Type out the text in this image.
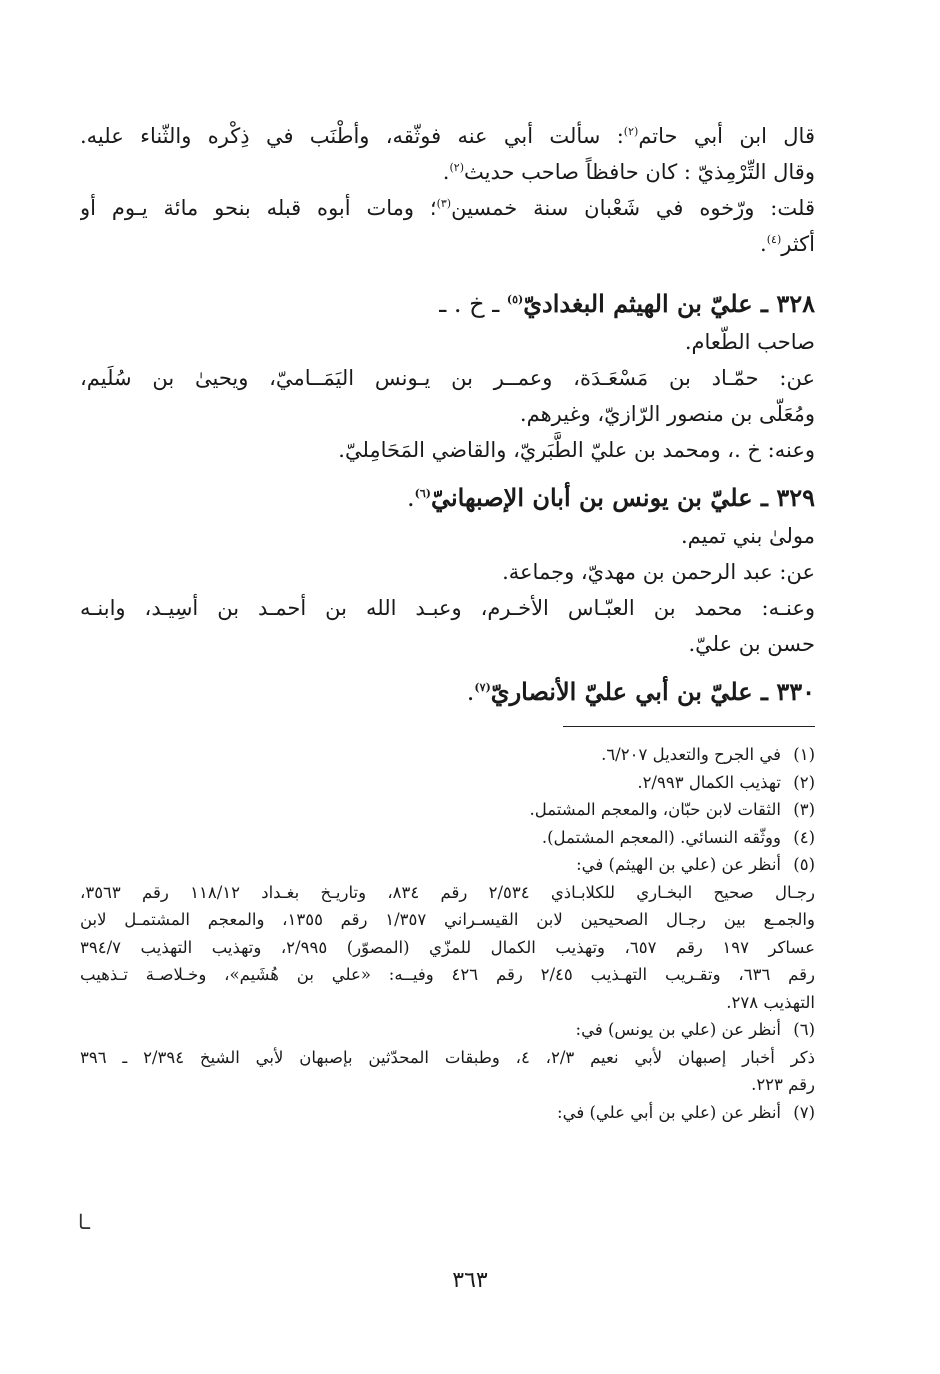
قال ابن أبي حاتم$^{(٢)}$: سألت أبي عنه فوثّقه، وأطْنَب في ذِكْره والثّناء عليه.
وقال التِّرْمِذيّ : كان حافظاً صاحب حديث$^{(٢)}$.
قلت: ورّخوه في شَعْبان سنة خمسين$^{(٣)}$؛ ومات أبوه قبله بنحو مائة يـوم أو
أكثر$^{(٤)}$.
٣٢٨ ـ عليّ بن الهيثم البغداديّ$^{(٥)}$ ـ خ . ـ
صاحب الطّعام.
عن: حمّـاد بن مَسْعَـدَة، وعمــر بن يـونس اليَمَــاميّ، ويحيىٰ بن سُلَيم،
ومُعَلّى بن منصور الرّازيّ، وغيرهم.
وعنه: خ .، ومحمد بن عليّ الطَّبَريّ، والقاضي المَحَامِليّ.
٣٢٩ ـ عليّ بن يونس بن أبان الإصبهانيّ$^{(٦)}$.
مولىٰ بني تميم.
عن: عبد الرحمن بن مهديّ، وجماعة.
وعنـه: محمد بن العبّـاس الأخـرم، وعبـد الله بن أحمـد بن أسِيـد، وابنـه
حسن بن عليّ.
٣٣٠ ـ عليّ بن أبي عليّ الأنصاريّ$^{(٧)}$.
(١)في الجرح والتعديل ٦/٢٠٧.
(٢)تهذيب الكمال ٢/٩٩٣.
(٣)الثقات لابن حبّان، والمعجم المشتمل.
(٤)ووثّقه النسائي. (المعجم المشتمل).
(٥)أنظر عن (علي بن الهيثم) في:
رجـال صحيح البخـاري للكلابـاذي ٢/٥٣٤ رقم ٨٣٤، وتاريـخ بغـداد ١١٨/١٢ رقم ٣٥٦٣،
والجمـع بين رجـال الصحيحين لابن القيسـراني ١/٣٥٧ رقم ١٣٥٥، والمعجم المشتمـل لابن
عساكر ١٩٧ رقم ٦٥٧، وتهذيب الكمال للمزّي (المصوّر) ٢/٩٩٥، وتهذيب التهذيب ٣٩٤/٧
رقم ٦٣٦، وتقـريب التهـذيب ٢/٤٥ رقم ٤٢٦ وفيــه: «علي بن هُشَيم»، وخـلاصـة تـذهيب
التهذيب ٢٧٨.
(٦)أنظر عن (علي بن يونس) في:
ذكر أخبار إصبهان لأبي نعيم ٢/٣، ٤، وطبقات المحدّثين بإصبهان لأبي الشيخ ٢/٣٩٤ ـ ٣٩٦
رقم ٢٢٣.
(٧)أنظر عن (علي بن أبي علي) في:
ـا
٣٦٣
